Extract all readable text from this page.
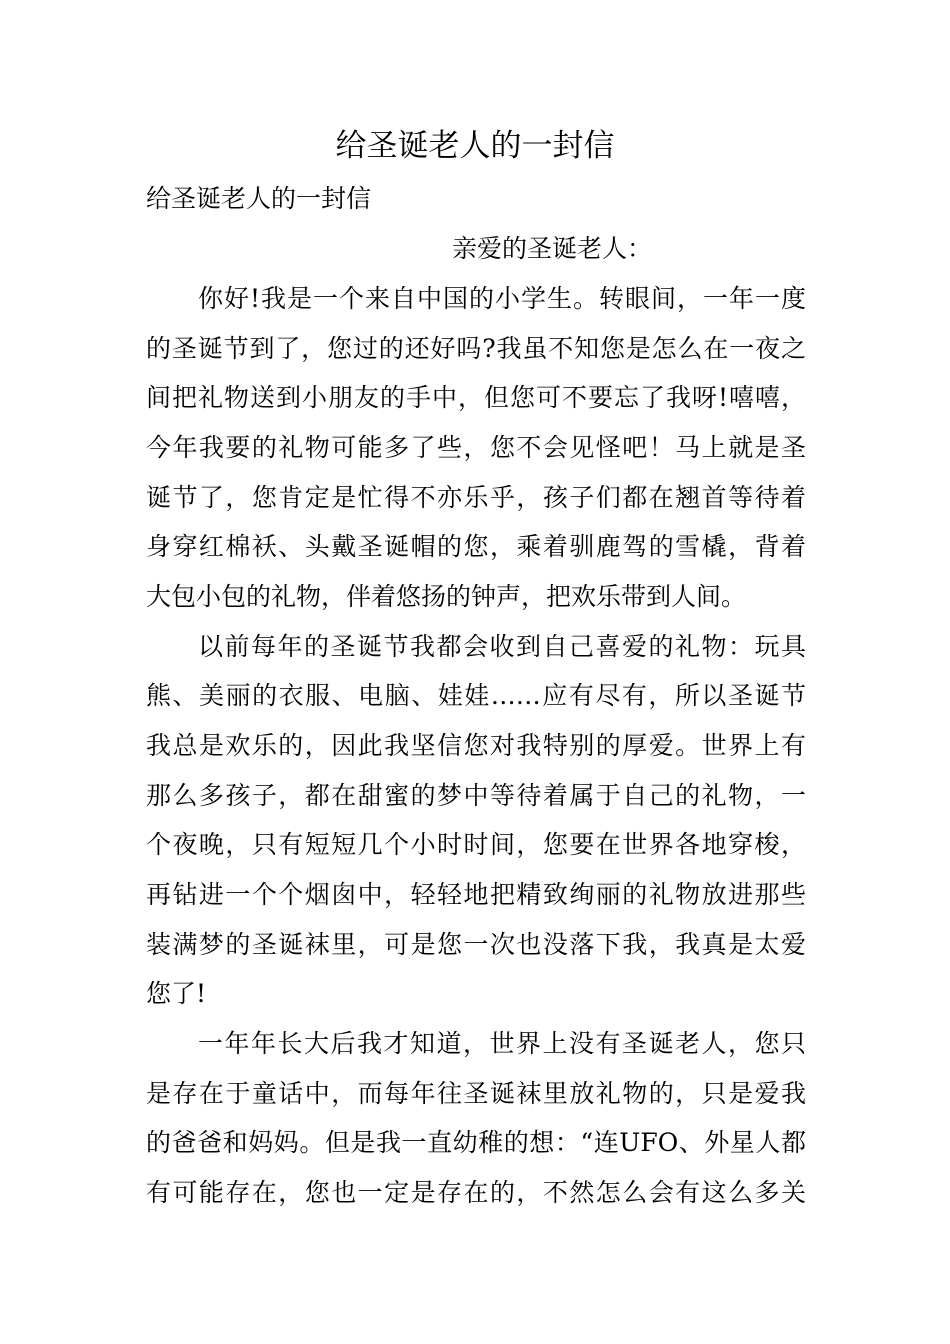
给圣诞老人的一封信

给圣诞老人的一封信

亲爱的圣诞老人：

你好!我是一个来自中国的小学生。转眼间，一年一度

的圣诞节到了，您过的还好吗?我虽不知您是怎么在一夜之

间把礼物送到小朋友的手中，但您可不要忘了我呀!嘻嘻，

今年我要的礼物可能多了些，您不会见怪吧！马上就是圣

诞节了，您肯定是忙得不亦乐乎，孩子们都在翘首等待着

身穿红棉袄、头戴圣诞帽的您，乘着驯鹿驾的雪橇，背着

大包小包的礼物，伴着悠扬的钟声，把欢乐带到人间。

以前每年的圣诞节我都会收到自己喜爱的礼物：玩具

熊、美丽的衣服、电脑、娃娃……应有尽有，所以圣诞节

我总是欢乐的，因此我坚信您对我特别的厚爱。世界上有

那么多孩子，都在甜蜜的梦中等待着属于自己的礼物，一

个夜晚，只有短短几个小时时间，您要在世界各地穿梭，

再钻进一个个烟囱中，轻轻地把精致绚丽的礼物放进那些

装满梦的圣诞袜里，可是您一次也没落下我，我真是太爱

您了!

一年年长大后我才知道，世界上没有圣诞老人，您只

是存在于童话中，而每年往圣诞袜里放礼物的，只是爱我

的爸爸和妈妈。但是我一直幼稚的想：“连UFO、外星人都

有可能存在，您也一定是存在的，不然怎么会有这么多关
